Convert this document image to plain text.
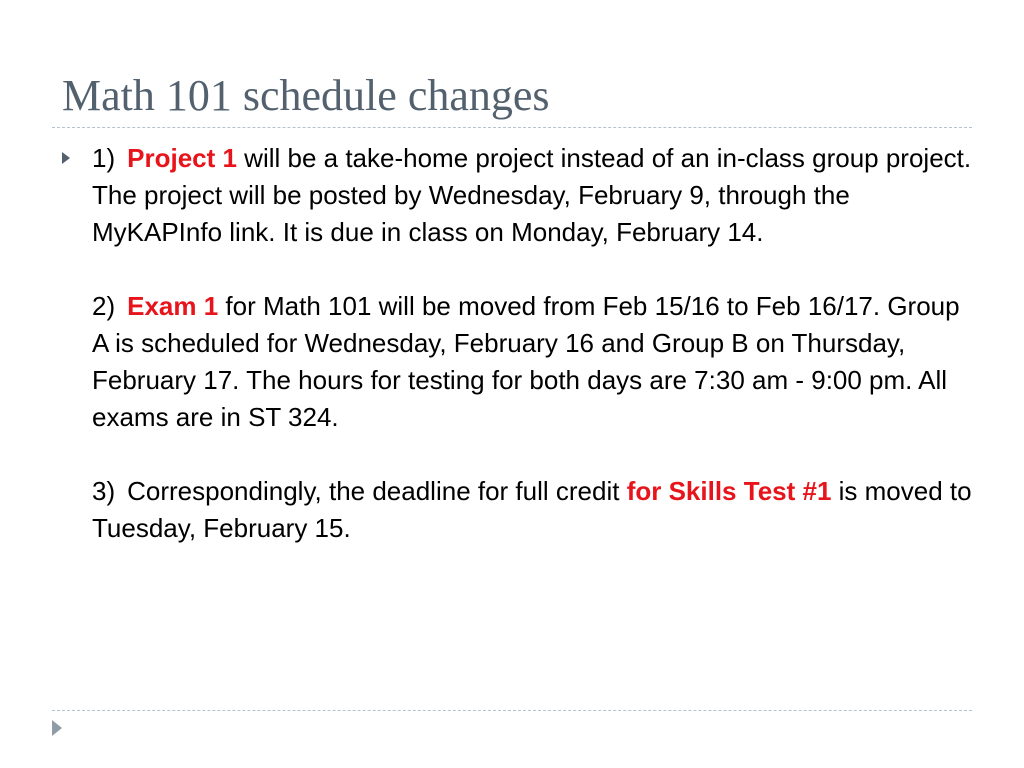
Math 101 schedule changes

1) Project 1 will be a take-home project instead of an in-class group project. The project will be posted by Wednesday, February 9, through the MyKAPInfo link. It is due in class on Monday, February 14.

2) Exam 1 for Math 101 will be moved from Feb 15/16 to Feb 16/17. Group A is scheduled for Wednesday, February 16 and Group B on Thursday, February 17. The hours for testing for both days are 7:30 am - 9:00 pm. All exams are in ST 324.

3) Correspondingly, the deadline for full credit for Skills Test #1 is moved to Tuesday, February 15.
